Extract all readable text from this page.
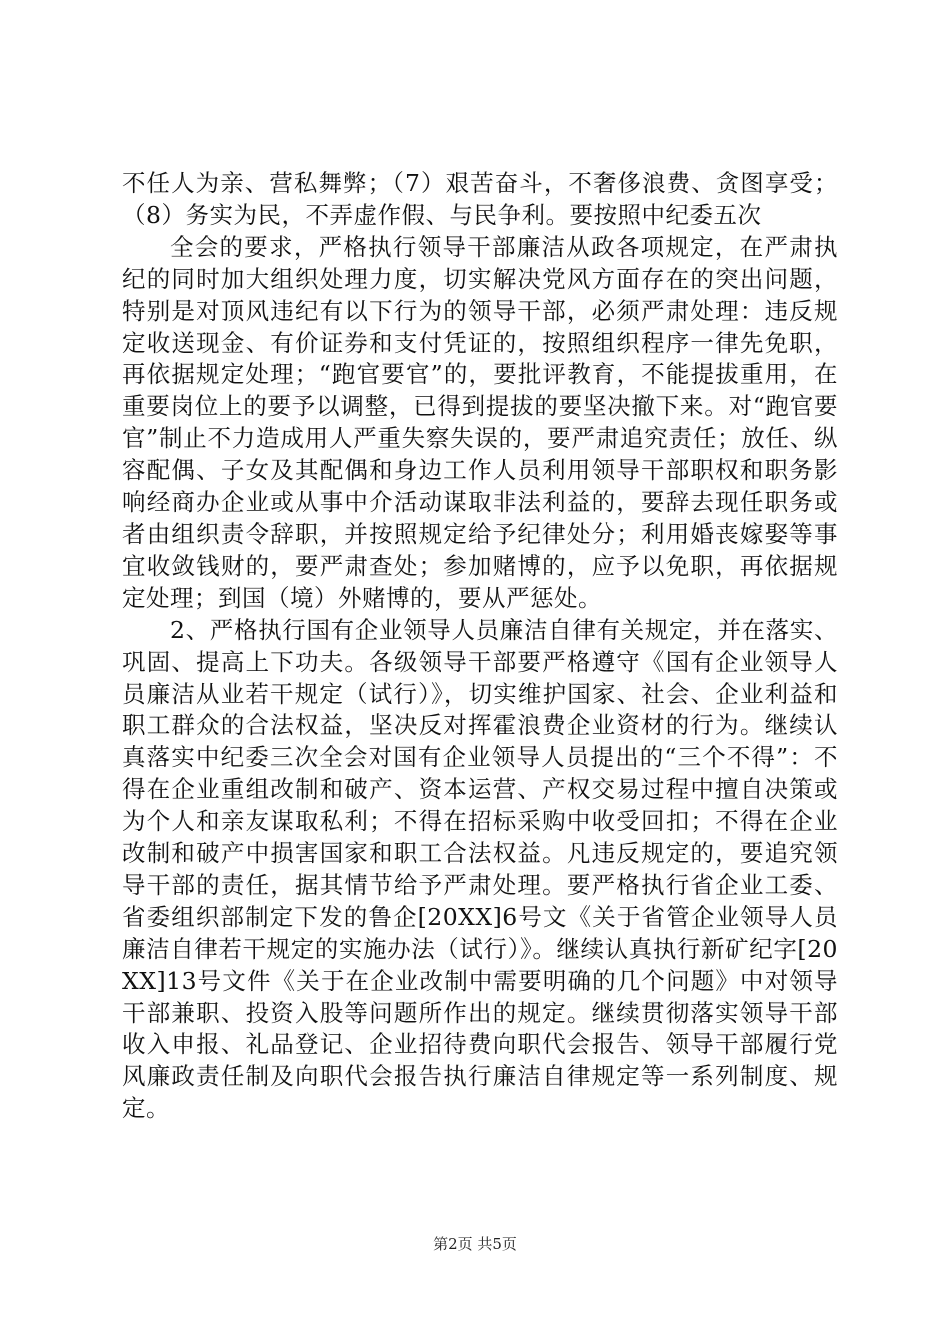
不任人为亲、营私舞弊；（7）艰苦奋斗，不奢侈浪费、贪图享受；（8）务实为民，不弄虚作假、与民争利。要按照中纪委五次

全会的要求，严格执行领导干部廉洁从政各项规定，在严肃执纪的同时加大组织处理力度，切实解决党风方面存在的突出问题，特别是对顶风违纪有以下行为的领导干部，必须严肃处理：违反规定收送现金、有价证券和支付凭证的，按照组织程序一律先免职，再依据规定处理；“跑官要官”的，要批评教育，不能提拔重用，在重要岗位上的要予以调整，已得到提拔的要坚决撤下来。对“跑官要官”制止不力造成用人严重失察失误的，要严肃追究责任；放任、纵容配偶、子女及其配偶和身边工作人员利用领导干部职权和职务影响经商办企业或从事中介活动谋取非法利益的，要辞去现任职务或者由组织责令辞职，并按照规定给予纪律处分；利用婚丧嫁娶等事宜收敛钱财的，要严肃查处；参加赌博的，应予以免职，再依据规定处理；到国（境）外赌博的，要从严惩处。

2、严格执行国有企业领导人员廉洁自律有关规定，并在落实、巩固、提高上下功夫。各级领导干部要严格遵守《国有企业领导人员廉洁从业若干规定（试行）》，切实维护国家、社会、企业利益和职工群众的合法权益，坚决反对挥霍浪费企业资材的行为。继续认真落实中纪委三次全会对国有企业领导人员提出的“三个不得”：不得在企业重组改制和破产、资本运营、产权交易过程中擅自决策或为个人和亲友谋取私利；不得在招标采购中收受回扣；不得在企业改制和破产中损害国家和职工合法权益。凡违反规定的，要追究领导干部的责任，据其情节给予严肃处理。要严格执行省企业工委、省委组织部制定下发的鲁企[20XX]6号文《关于省管企业领导人员廉洁自律若干规定的实施办法（试行）》。继续认真执行新矿纪字[20XX]13号文件《关于在企业改制中需要明确的几个问题》中对领导干部兼职、投资入股等问题所作出的规定。继续贯彻落实领导干部收入申报、礼品登记、企业招待费向职代会报告、领导干部履行党风廉政责任制及向职代会报告执行廉洁自律规定等一系列制度、规定。

第2页 共5页
